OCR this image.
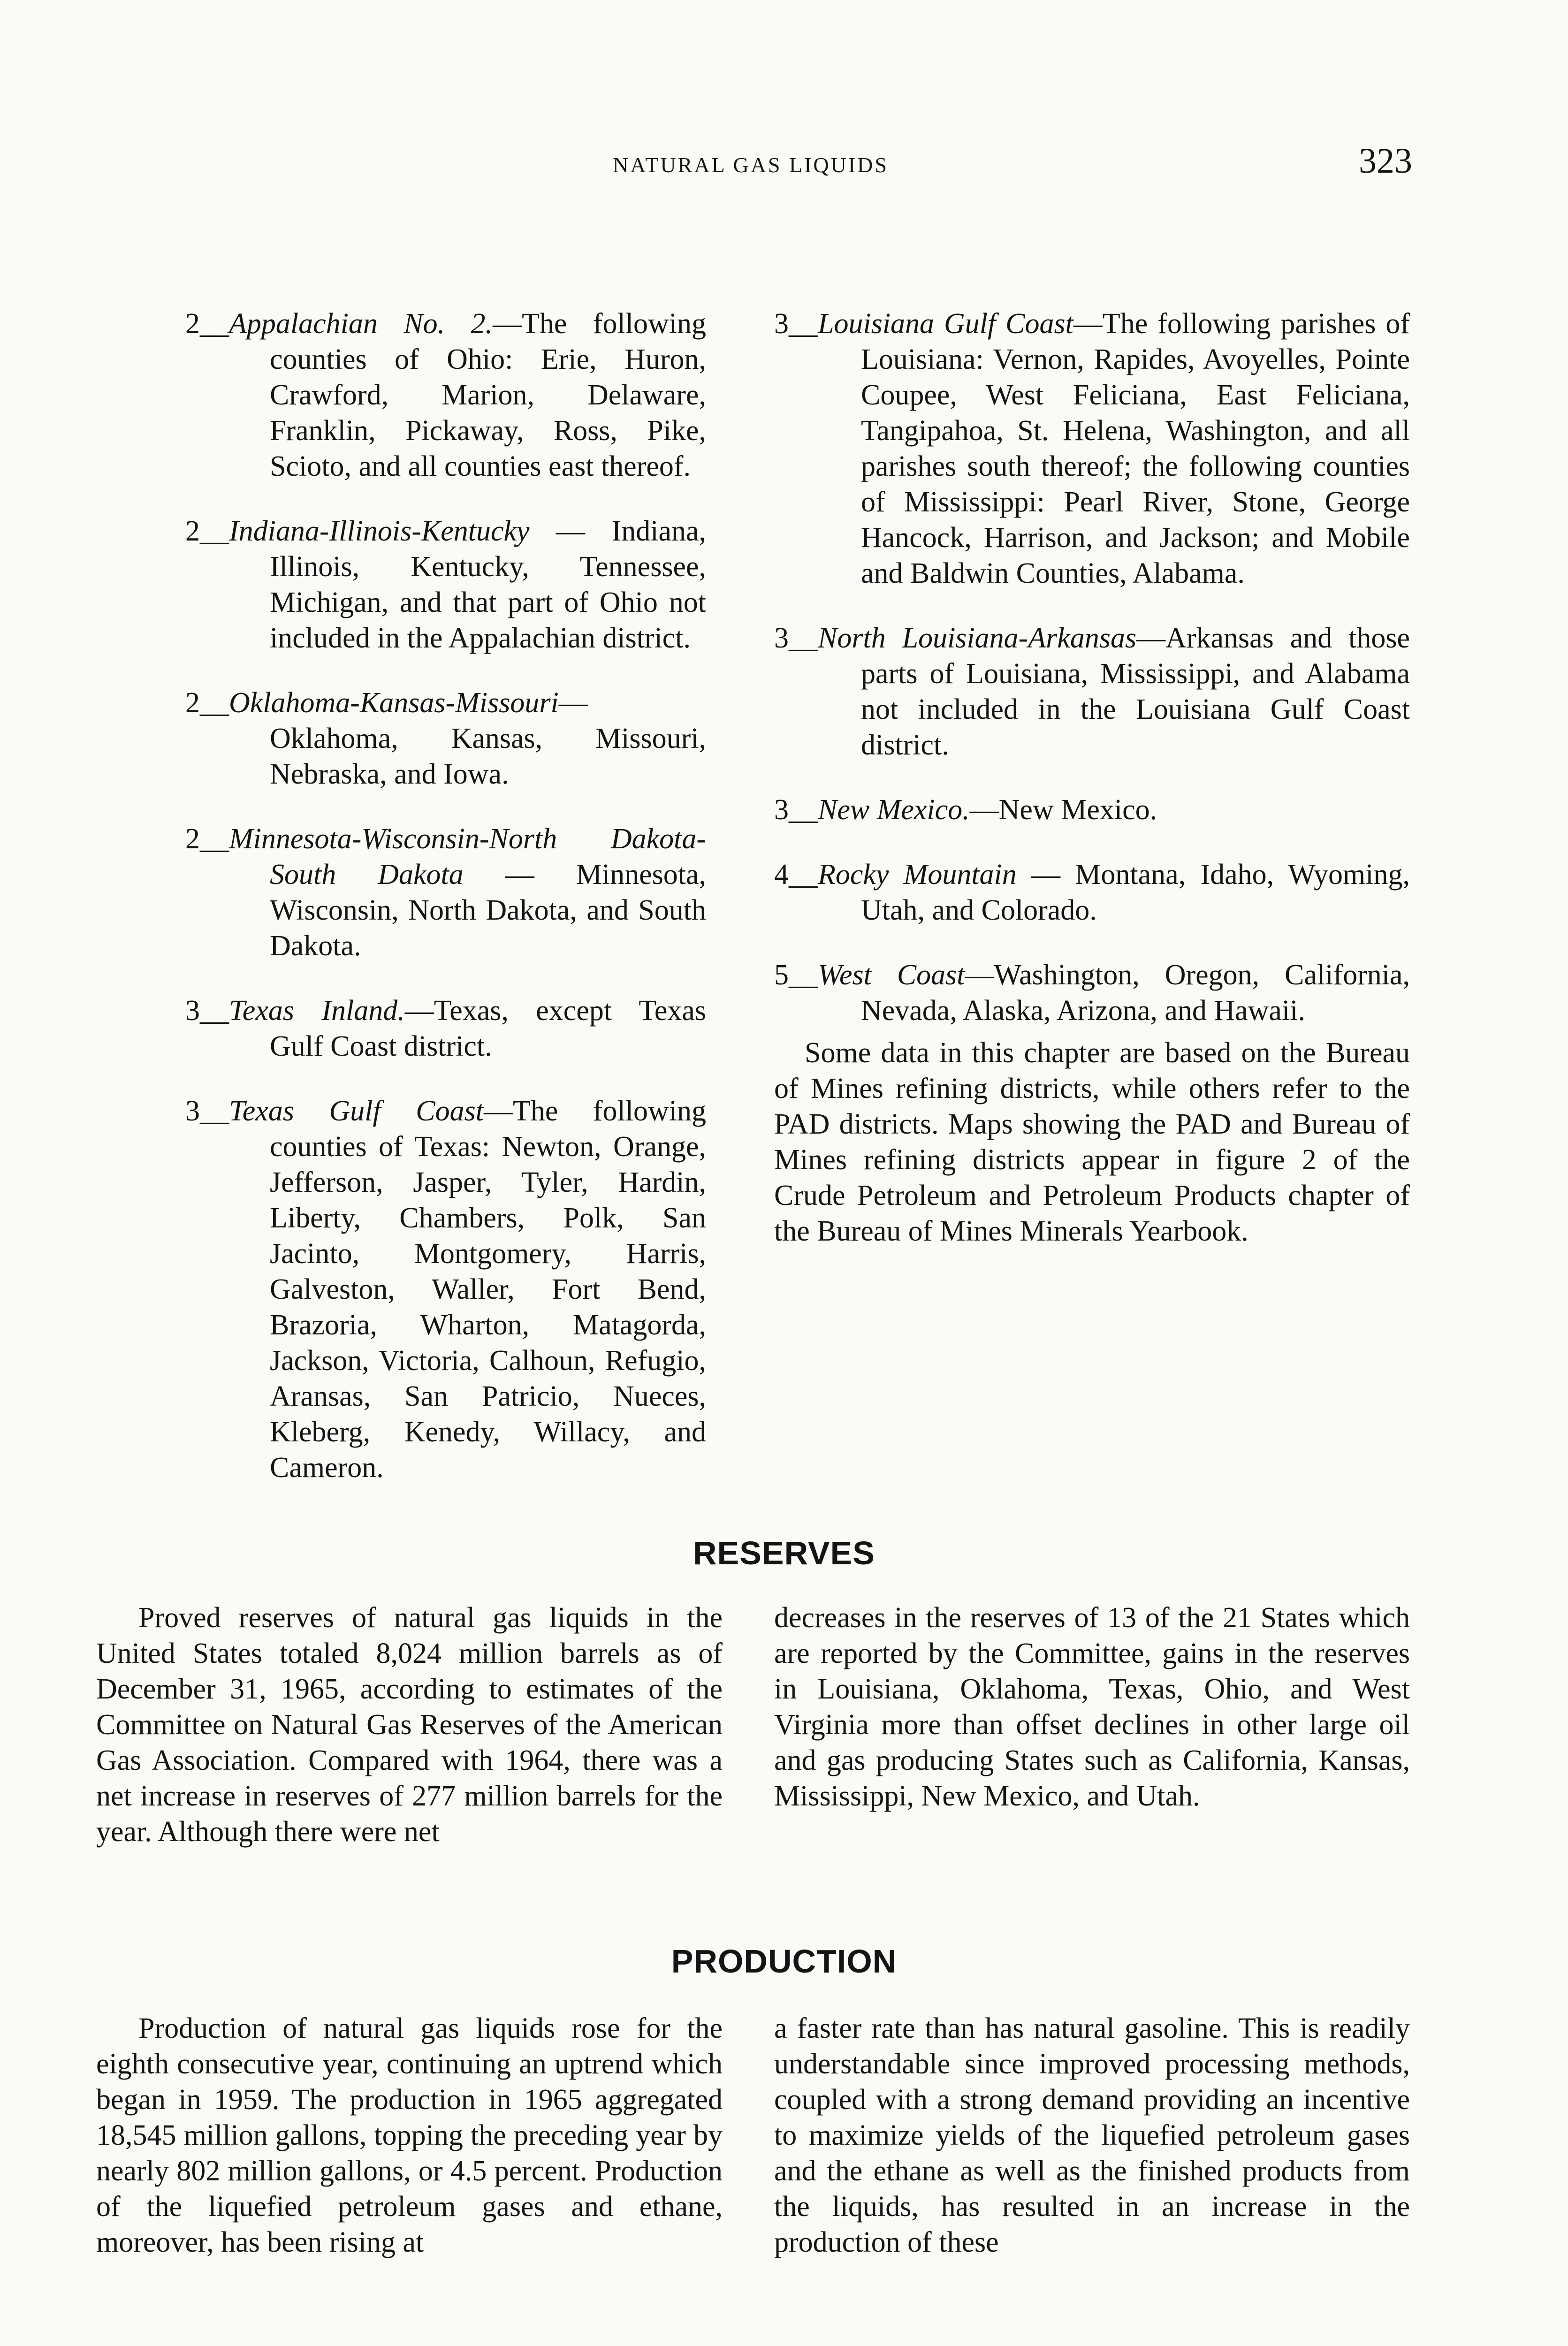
NATURAL GAS LIQUIDS	323

2__Appalachian No. 2.—The following counties of Ohio: Erie, Huron, Crawford, Marion, Delaware, Franklin, Pickaway, Ross, Pike, Scioto, and all counties east thereof.

2__Indiana-Illinois-Kentucky — Indiana, Illinois, Kentucky, Tennessee, Michigan, and that part of Ohio not included in the Appalachian district.

2__Oklahoma-Kansas-Missouri— Oklahoma, Kansas, Missouri, Nebraska, and Iowa.

2__Minnesota-Wisconsin-North Dakota-South Dakota — Minnesota, Wisconsin, North Dakota, and South Dakota.

3__Texas Inland.—Texas, except Texas Gulf Coast district.

3__Texas Gulf Coast—The following counties of Texas: Newton, Orange, Jefferson, Jasper, Tyler, Hardin, Liberty, Chambers, Polk, San Jacinto, Montgomery, Harris, Galveston, Waller, Fort Bend, Brazoria, Wharton, Matagorda, Jackson, Victoria, Calhoun, Refugio, Aransas, San Patricio, Nueces, Kleberg, Kenedy, Willacy, and Cameron.

3__Louisiana Gulf Coast—The following parishes of Louisiana: Vernon, Rapides, Avoyelles, Pointe Coupee, West Feliciana, East Feliciana, Tangipahoa, St. Helena, Washington, and all parishes south thereof; the following counties of Mississippi: Pearl River, Stone, George Hancock, Harrison, and Jackson; and Mobile and Baldwin Counties, Alabama.

3__North Louisiana-Arkansas—Arkansas and those parts of Louisiana, Mississippi, and Alabama not included in the Louisiana Gulf Coast district.

3__New Mexico.—New Mexico.

4__Rocky Mountain — Montana, Idaho, Wyoming, Utah, and Colorado.

5__West Coast—Washington, Oregon, California, Nevada, Alaska, Arizona, and Hawaii.

Some data in this chapter are based on the Bureau of Mines refining districts, while others refer to the PAD districts. Maps showing the PAD and Bureau of Mines refining districts appear in figure 2 of the Crude Petroleum and Petroleum Products chapter of the Bureau of Mines Minerals Yearbook.

RESERVES
Proved reserves of natural gas liquids in the United States totaled 8,024 million barrels as of December 31, 1965, according to estimates of the Committee on Natural Gas Reserves of the American Gas Association. Compared with 1964, there was a net increase in reserves of 277 million barrels for the year. Although there were net
decreases in the reserves of 13 of the 21 States which are reported by the Committee, gains in the reserves in Louisiana, Oklahoma, Texas, Ohio, and West Virginia more than offset declines in other large oil and gas producing States such as California, Kansas, Mississippi, New Mexico, and Utah.
PRODUCTION
Production of natural gas liquids rose for the eighth consecutive year, continuing an uptrend which began in 1959. The production in 1965 aggregated 18,545 million gallons, topping the preceding year by nearly 802 million gallons, or 4.5 percent. Production of the liquefied petroleum gases and ethane, moreover, has been rising at
a faster rate than has natural gasoline. This is readily understandable since improved processing methods, coupled with a strong demand providing an incentive to maximize yields of the liquefied petroleum gases and the ethane as well as the finished products from the liquids, has resulted in an increase in the production of these
